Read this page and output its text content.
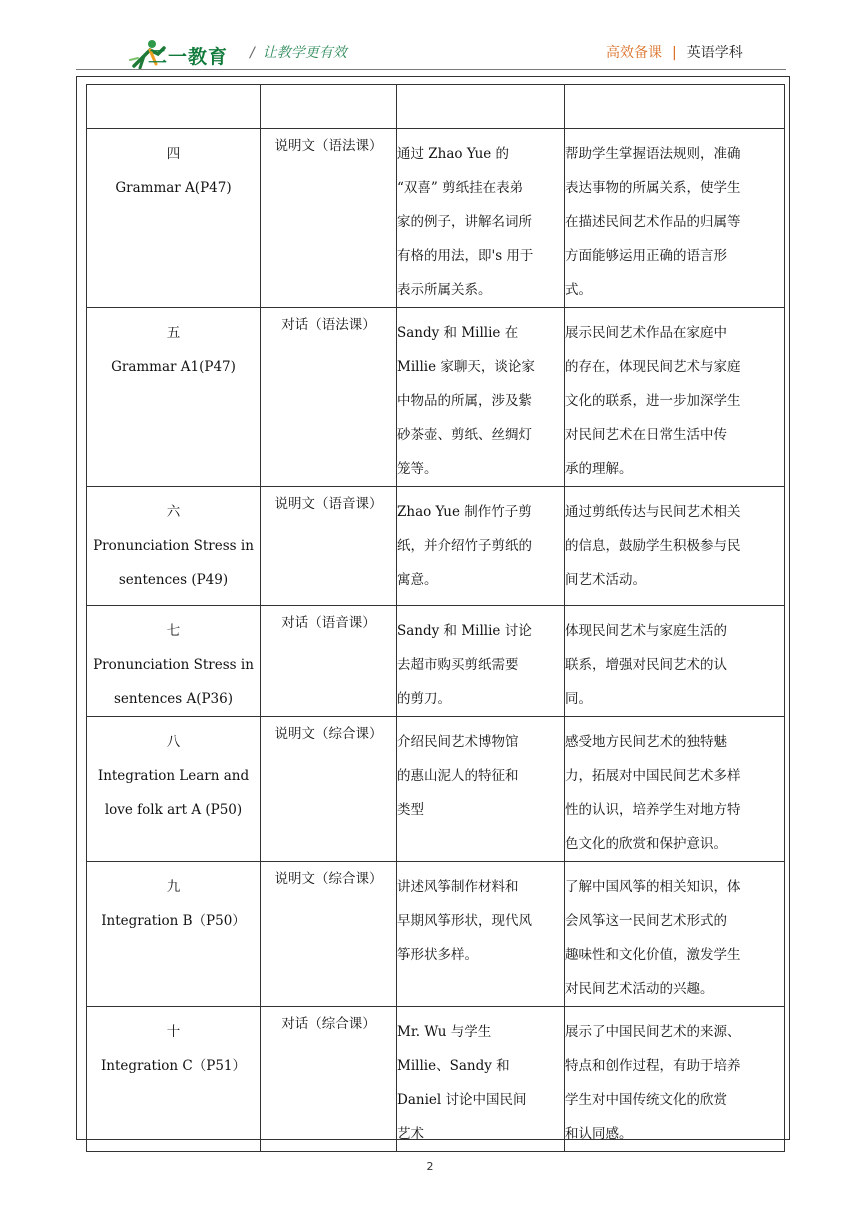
二一教育 / 让教学更有效	高效备课 | 英语学科

四
Grammar A(P47)	说明文（语法课）	通过 Zhao Yue 的
“双喜” 剪纸挂在表弟
家的例子，讲解名词所
有格的用法，即's 用于
表示所属关系。	帮助学生掌握语法规则，准确
表达事物的所属关系，使学生
在描述民间艺术作品的归属等
方面能够运用正确的语言形
式。

五
Grammar A1(P47)	对话（语法课）	Sandy 和 Millie 在
Millie 家聊天，谈论家
中物品的所属，涉及紫
砂茶壶、剪纸、丝绸灯
笼等。	展示民间艺术作品在家庭中
的存在，体现民间艺术与家庭
文化的联系，进一步加深学生
对民间艺术在日常生活中传
承的理解。

六
Pronunciation Stress in
sentences (P49)	说明文（语音课）	Zhao Yue 制作竹子剪
纸，并介绍竹子剪纸的
寓意。	通过剪纸传达与民间艺术相关
的信息，鼓励学生积极参与民
间艺术活动。

七
Pronunciation Stress in
sentences A(P36)	对话（语音课）	Sandy 和 Millie 讨论
去超市购买剪纸需要
的剪刀。	体现民间艺术与家庭生活的
联系，增强对民间艺术的认
同。

八
Integration Learn and
love folk art A (P50)	说明文（综合课）	介绍民间艺术博物馆
的惠山泥人的特征和
类型	感受地方民间艺术的独特魅
力，拓展对中国民间艺术多样
性的认识，培养学生对地方特
色文化的欣赏和保护意识。

九
Integration B（P50）	说明文（综合课）	讲述风筝制作材料和
早期风筝形状，现代风
筝形状多样。	了解中国风筝的相关知识，体
会风筝这一民间艺术形式的
趣味性和文化价值，激发学生
对民间艺术活动的兴趣。

十
Integration C（P51）	对话（综合课）	Mr. Wu 与学生
Millie、Sandy 和
Daniel 讨论中国民间
艺术	展示了中国民间艺术的来源、
特点和创作过程，有助于培养
学生对中国传统文化的欣赏
和认同感。
2
